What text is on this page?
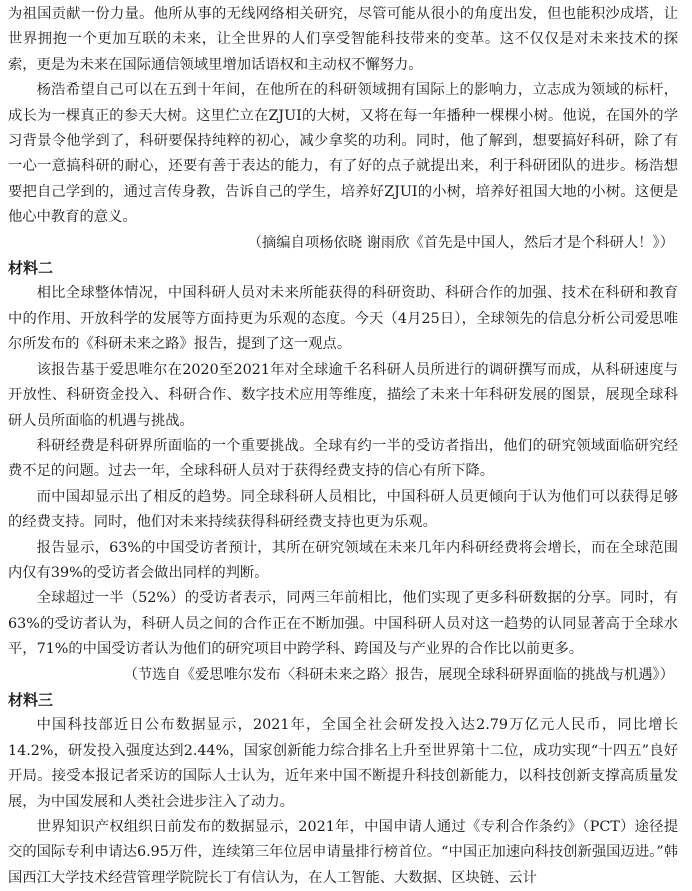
为祖国贡献一份力量。他所从事的无线网络相关研究，尽管可能从很小的角度出发，但也能积沙成塔，让世界拥抱一个更加互联的未来，让全世界的人们享受智能科技带来的变革。这不仅仅是对未来技术的探索，更是为未来在国际通信领域里增加话语权和主动权不懈努力。

杨浩希望自己可以在五到十年间，在他所在的科研领域拥有国际上的影响力，立志成为领域的标杆，成长为一棵真正的参天大树。这里伫立在ZJUI的大树，又将在每一年播种一棵棵小树。他说，在国外的学习背景令他学到了，科研要保持纯粹的初心，减少拿奖的功利。同时，他了解到，想要搞好科研，除了有一心一意搞科研的耐心，还要有善于表达的能力，有了好的点子就提出来，利于科研团队的进步。杨浩想要把自己学到的，通过言传身教，告诉自己的学生，培养好ZJUI的小树，培养好祖国大地的小树。这便是他心中教育的意义。

（摘编自项杨依晓 谢雨欣《首先是中国人，然后才是个科研人！》）

材料二

相比全球整体情况，中国科研人员对未来所能获得的科研资助、科研合作的加强、技术在科研和教育中的作用、开放科学的发展等方面持更为乐观的态度。今天（4月25日），全球领先的信息分析公司爱思唯尔所发布的《科研未来之路》报告，提到了这一观点。

该报告基于爱思唯尔在2020至2021年对全球逾千名科研人员所进行的调研撰写而成，从科研速度与开放性、科研资金投入、科研合作、数字技术应用等维度，描绘了未来十年科研发展的图景，展现全球科研人员所面临的机遇与挑战。

科研经费是科研界所面临的一个重要挑战。全球有约一半的受访者指出，他们的研究领域面临研究经费不足的问题。过去一年，全球科研人员对于获得经费支持的信心有所下降。

而中国却显示出了相反的趋势。同全球科研人员相比，中国科研人员更倾向于认为他们可以获得足够的经费支持。同时，他们对未来持续获得科研经费支持也更为乐观。

报告显示，63%的中国受访者预计，其所在研究领域在未来几年内科研经费将会增长，而在全球范围内仅有39%的受访者会做出同样的判断。

全球超过一半（52%）的受访者表示，同两三年前相比，他们实现了更多科研数据的分享。同时，有63%的受访者认为，科研人员之间的合作正在不断加强。中国科研人员对这一趋势的认同显著高于全球水平，71%的中国受访者认为他们的研究项目中跨学科、跨国及与产业界的合作比以前更多。

（节选自《爱思唯尔发布〈科研未来之路〉报告，展现全球科研界面临的挑战与机遇》）

材料三

中国科技部近日公布数据显示，2021年，全国全社会研发投入达2.79万亿元人民币，同比增长14.2%，研发投入强度达到2.44%，国家创新能力综合排名上升至世界第十二位，成功实现“十四五”良好开局。接受本报记者采访的国际人士认为，近年来中国不断提升科技创新能力，以科技创新支撑高质量发展，为中国发展和人类社会进步注入了动力。

世界知识产权组织日前发布的数据显示，2021年，中国申请人通过《专利合作条约》（PCT）途径提交的国际专利申请达6.95万件，连续第三年位居申请量排行榜首位。“中国正加速向科技创新强国迈进。”韩国西江大学技术经营管理学院院长丁有信认为，在人工智能、大数据、区块链、云计
